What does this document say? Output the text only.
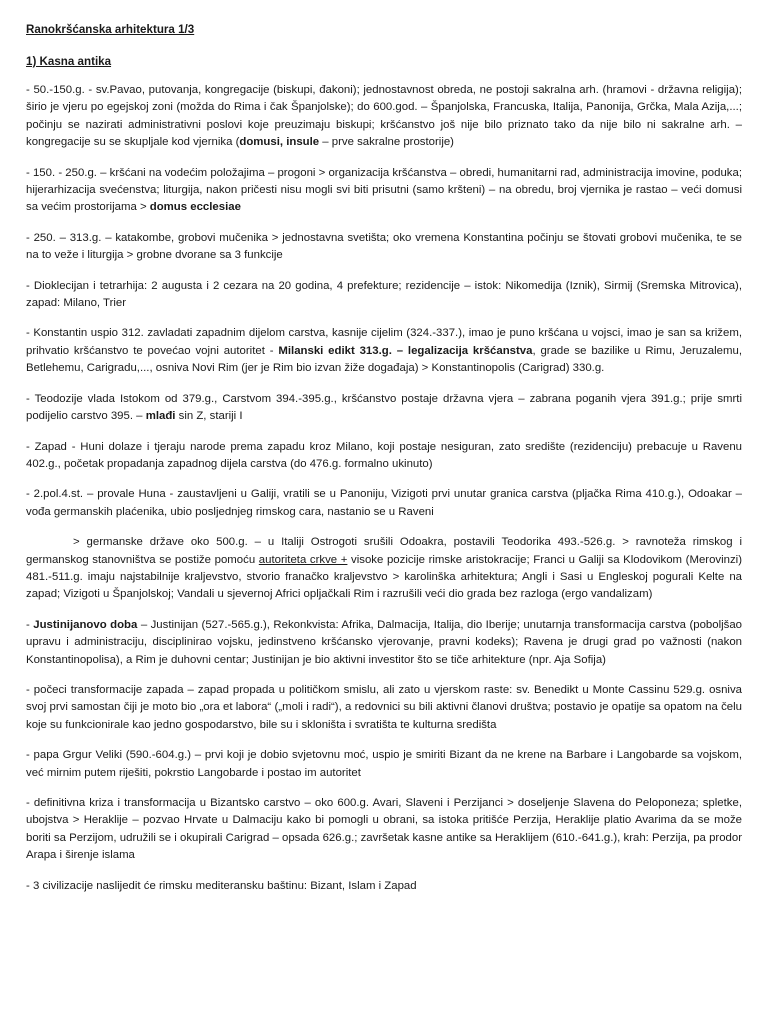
Ranokršćanska arhitektura 1/3
1) Kasna antika

- 50.-150.g. - sv.Pavao, putovanja, kongregacije (biskupi, đakoni); jednostavnost obreda, ne postoji sakralna arh. (hramovi - državna religija); širio je vjeru po egejskoj zoni (možda do Rima i čak Španjolske); do 600.god. – Španjolska, Francuska, Italija, Panonija, Grčka, Mala Azija,...; počinju se nazirati administrativni poslovi koje preuzimaju biskupi; kršćanstvo još nije bilo priznato tako da nije bilo ni sakralne arh. – kongregacije su se skupljale kod vjernika (domusi, insule – prve sakralne prostorije)

- 150. - 250.g. – kršćani na vodećim položajima – progoni > organizacija kršćanstva – obredi, humanitarni rad, administracija imovine, poduka; hijerarhizacija svećenstva; liturgija, nakon pričesti nisu mogli svi biti prisutni (samo kršteni) – na obredu, broj vjernika je rastao – veći domusi sa većim prostorijama > domus ecclesiae

- 250. – 313.g. – katakombe, grobovi mučenika > jednostavna svetišta; oko vremena Konstantina počinju se štovati grobovi mučenika, te se na to veže i liturgija > grobne dvorane sa 3 funkcije

- Dioklecijan i tetrarhija: 2 augusta i 2 cezara na 20 godina, 4 prefekture; rezidencije – istok: Nikomedija (Iznik), Sirmij (Sremska Mitrovica), zapad: Milano, Trier

- Konstantin uspio 312. zavladati zapadnim dijelom carstva, kasnije cijelim (324.-337.), imao je puno kršćana u vojsci, imao je san sa križem, prihvatio kršćanstvo te povećao vojni autoritet - Milanski edikt 313.g. – legalizacija kršćanstva, grade se bazilike u Rimu, Jeruzalemu, Betlehemu, Carigradu,..., osniva Novi Rim (jer je Rim bio izvan žiže događaja) > Konstantinopolis (Carigrad) 330.g.

- Teodozije vlada Istokom od 379.g., Carstvom 394.-395.g., kršćanstvo postaje državna vjera – zabrana poganih vjera 391.g.; prije smrti podijelio carstvo 395. – mlađi sin Z, stariji I

- Zapad - Huni dolaze i tjeraju narode prema zapadu kroz Milano, koji postaje nesiguran, zato središte (rezidenciju) prebacuje u Ravenu 402.g., početak propadanja zapadnog dijela carstva (do 476.g. formalno ukinuto)

- 2.pol.4.st. – provale Huna - zaustavljeni u Galiji, vratili se u Panoniju, Vizigoti prvi unutar granica carstva (pljačka Rima 410.g.), Odoakar – vođa germanskih plaćenika, ubio posljednjeg rimskog cara, nastanio se u Raveni

> germanske države oko 500.g. – u Italiji Ostrogoti srušili Odoakra, postavili Teodorika 493.-526.g. > ravnoteža rimskog i germanskog stanovništva se postiže pomoću autoriteta crkve + visoke pozicije rimske aristokracije; Franci u Galiji sa Klodovikom (Merovinzi) 481.-511.g. imaju najstabilnije kraljevstvo, stvorio franačko kraljevstvo > karolinška arhitektura; Angli i Sasi u Engleskoj pogurali Kelte na zapad; Vizigoti u Španjolskoj; Vandali u sjevernoj Africi opljačkali Rim i razrušili veći dio grada bez razloga (ergo vandalizam)

- Justinijanovo doba – Justinijan (527.-565.g.), Rekonkvista: Afrika, Dalmacija, Italija, dio Iberije; unutarnja transformacija carstva (poboljšao upravu i administraciju, disciplinirao vojsku, jedinstveno kršćansko vjerovanje, pravni kodeks); Ravena je drugi grad po važnosti (nakon Konstantinopolisa), a Rim je duhovni centar; Justinijan je bio aktivni investitor što se tiče arhitekture (npr. Aja Sofija)

- počeci transformacije zapada – zapad propada u političkom smislu, ali zato u vjerskom raste: sv. Benedikt u Monte Cassinu 529.g. osniva svoj prvi samostan čiji je moto bio „ora et labora“ („moli i radi“), a redovnici su bili aktivni članovi društva; postavio je opatije sa opatom na čelu koje su funkcionirale kao jedno gospodarstvo, bile su i skloništa i svratišta te kulturna središta

- papa Grgur Veliki (590.-604.g.) – prvi koji je dobio svjetovnu moć, uspio je smiriti Bizant da ne krene na Barbare i Langobarde sa vojskom, već mirnim putem riješiti, pokrstio Langobarde i postao im autoritet

- definitivna kriza i transformacija u Bizantsko carstvo – oko 600.g. Avari, Slaveni i Perzijanci > doseljenje Slavena do Peloponeza; spletke, ubojstva > Heraklije – pozvao Hrvate u Dalmaciju kako bi pomogli u obrani, sa istoka pritišće Perzija, Heraklije platio Avarima da se može boriti sa Perzijom, udružili se i okupirali Carigrad – opsada 626.g.; završetak kasne antike sa Heraklijem (610.-641.g.), krah: Perzija, pa prodor Arapa i širenje islama

- 3 civilizacije naslijedit će rimsku mediteransku baštinu: Bizant, Islam i Zapad
